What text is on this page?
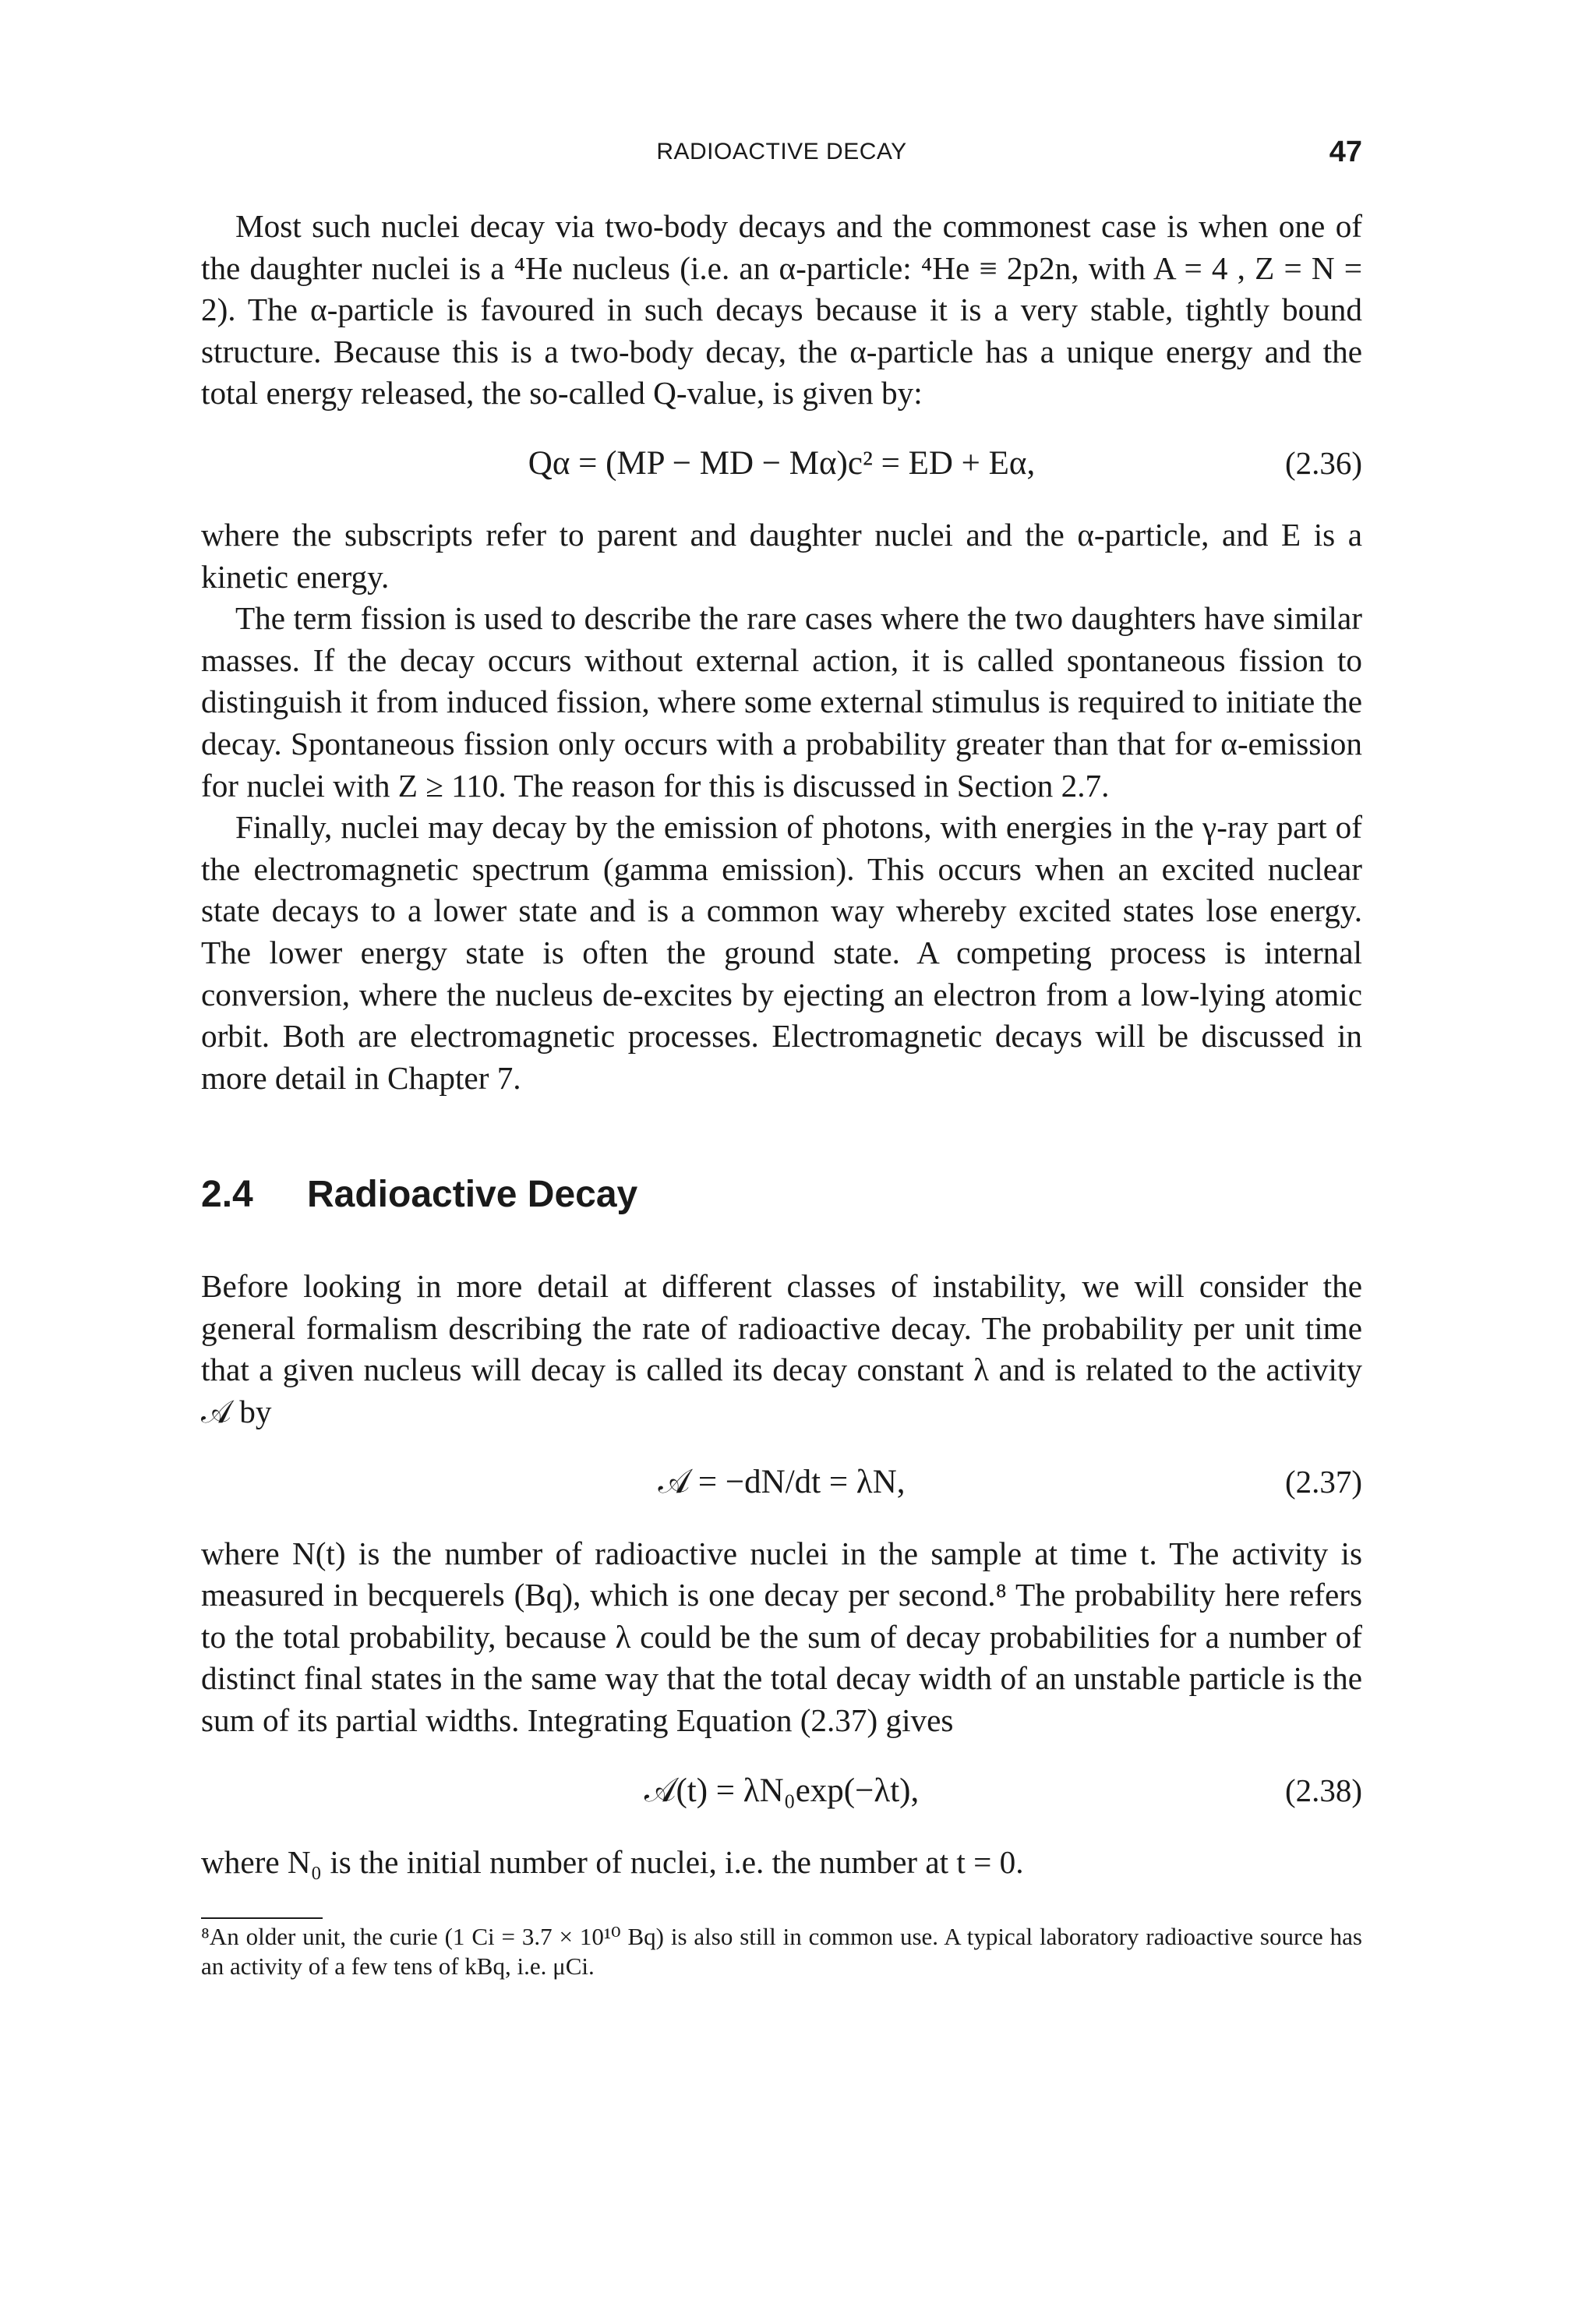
RADIOACTIVE DECAY	47

Most such nuclei decay via two-body decays and the commonest case is when one of the daughter nuclei is a ⁴He nucleus (i.e. an α-particle: ⁴He ≡ 2p2n, with A = 4 , Z = N = 2). The α-particle is favoured in such decays because it is a very stable, tightly bound structure. Because this is a two-body decay, the α-particle has a unique energy and the total energy released, the so-called Q-value, is given by:

Qα = (MP − MD − Mα)c² = ED + Eα,	(2.36)

where the subscripts refer to parent and daughter nuclei and the α-particle, and E is a kinetic energy.

The term fission is used to describe the rare cases where the two daughters have similar masses. If the decay occurs without external action, it is called spontaneous fission to distinguish it from induced fission, where some external stimulus is required to initiate the decay. Spontaneous fission only occurs with a probability greater than that for α-emission for nuclei with Z ≥ 110. The reason for this is discussed in Section 2.7.

Finally, nuclei may decay by the emission of photons, with energies in the γ-ray part of the electromagnetic spectrum (gamma emission). This occurs when an excited nuclear state decays to a lower state and is a common way whereby excited states lose energy. The lower energy state is often the ground state. A competing process is internal conversion, where the nucleus de-excites by ejecting an electron from a low-lying atomic orbit. Both are electromagnetic processes. Electromagnetic decays will be discussed in more detail in Chapter 7.

2.4 Radioactive Decay

Before looking in more detail at different classes of instability, we will consider the general formalism describing the rate of radioactive decay. The probability per unit time that a given nucleus will decay is called its decay constant λ and is related to the activity 𝒜 by

𝒜 = −dN/dt = λN,	(2.37)

where N(t) is the number of radioactive nuclei in the sample at time t. The activity is measured in becquerels (Bq), which is one decay per second.⁸ The probability here refers to the total probability, because λ could be the sum of decay probabilities for a number of distinct final states in the same way that the total decay width of an unstable particle is the sum of its partial widths. Integrating Equation (2.37) gives

𝒜(t) = λN₀exp(−λt),	(2.38)

where N₀ is the initial number of nuclei, i.e. the number at t = 0.

⁸An older unit, the curie (1 Ci = 3.7 × 10¹⁰ Bq) is also still in common use. A typical laboratory radioactive source has an activity of a few tens of kBq, i.e. μCi.
